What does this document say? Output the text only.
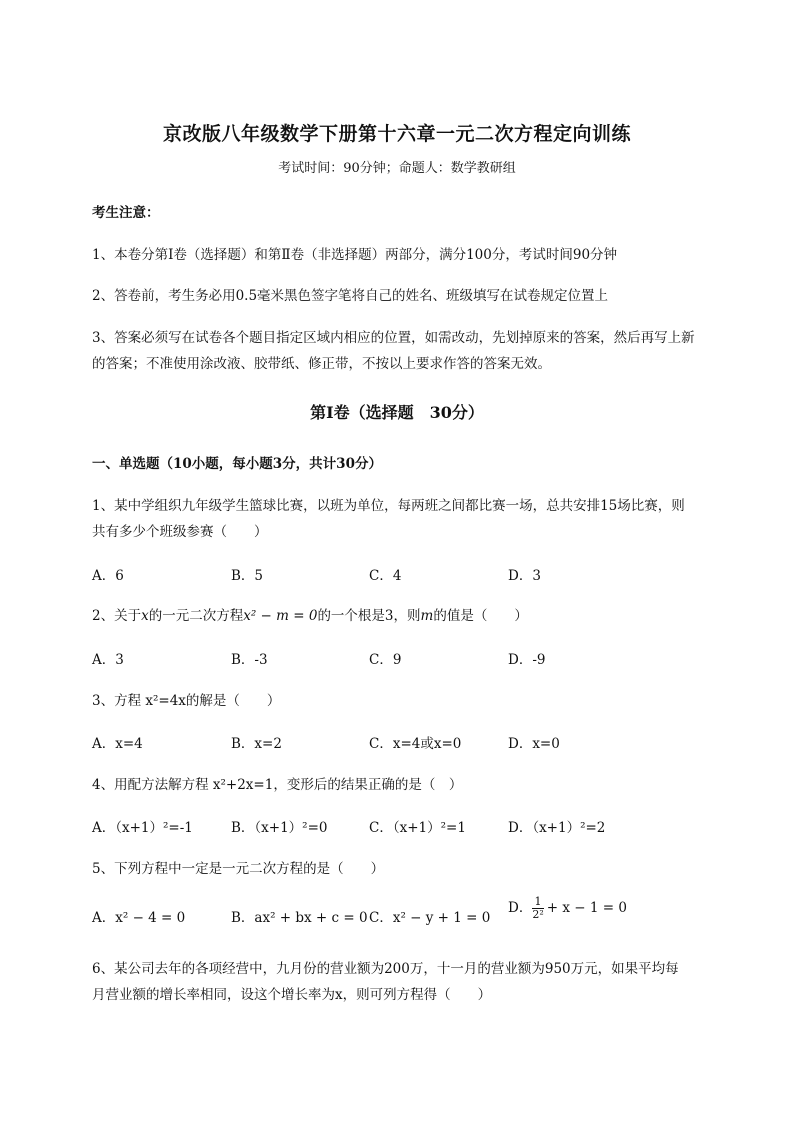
京改版八年级数学下册第十六章一元二次方程定向训练
考试时间：90分钟；命题人：数学教研组
考生注意：
1、本卷分第I卷（选择题）和第Ⅱ卷（非选择题）两部分，满分100分，考试时间90分钟
2、答卷前，考生务必用0.5毫米黑色签字笔将自己的姓名、班级填写在试卷规定位置上
3、答案必须写在试卷各个题目指定区域内相应的位置，如需改动，先划掉原来的答案，然后再写上新
的答案；不准使用涂改液、胶带纸、修正带，不按以上要求作答的答案无效。
第I卷（选择题　30分）
一、单选题（10小题，每小题3分，共计30分）
1、某中学组织九年级学生篮球比赛，以班为单位，每两班之间都比赛一场，总共安排15场比赛，则
共有多少个班级参赛（　　）
A．6	B．5	C．4	D．3
2、关于x的一元二次方程x² − m = 0的一个根是3，则m的值是（　　）
A．3	B．-3	C．9	D．-9
3、方程 x²=4x的解是（　　）
A．x=4	B．x=2	C．x=4或x=0	D．x=0
4、用配方法解方程 x²+2x=1，变形后的结果正确的是（　）
A．（x+1）²=-1	B．（x+1）²=0	C．（x+1）²=1	D．（x+1）²=2
5、下列方程中一定是一元二次方程的是（　　）
A．x² − 4 = 0	B．ax² + bx + c = 0 C．x² − y + 1 = 0
D． $\frac{1}{\text{2²}} + x - 1 = 0$
6、某公司去年的各项经营中，九月份的营业额为200万，十一月的营业额为950万元，如果平均每
月营业额的增长率相同，设这个增长率为x，则可列方程得（　　）
